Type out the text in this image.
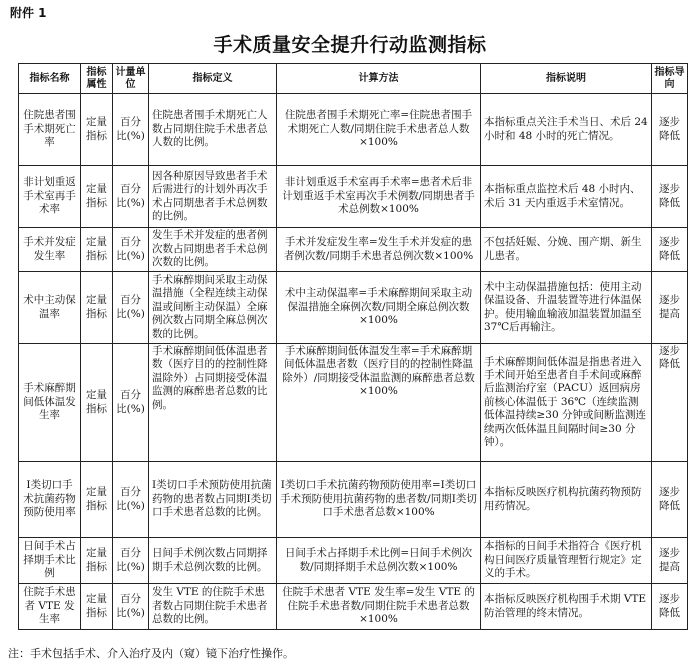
附件 1
手术质量安全提升行动监测指标
指标名称	指标属性	计量单位	指标定义	计算方法	指标说明	指标导向
住院患者围手术期死亡率	定量指标	百分比(%)	住院患者围手术期死亡人数占同期住院手术患者总人数的比例。	住院患者围手术期死亡率=住院患者围手术期死亡人数/同期住院手术患者总人数×100%	本指标重点关注手术当日、术后 24 小时和 48 小时的死亡情况。	逐步降低
非计划重返手术室再手术率	定量指标	百分比(%)	因各种原因导致患者手术后需进行的计划外再次手术占同期患者手术总例数的比例。	非计划重返手术室再手术率=患者术后非计划重返手术室再次手术例数/同期患者手术总例数×100%	本指标重点监控术后 48 小时内、术后 31 天内重返手术室情况。	逐步降低
手术并发症发生率	定量指标	百分比(%)	发生手术并发症的患者例次数占同期患者手术总例次数的比例。	手术并发症发生率=发生手术并发症的患者例次数/同期手术患者总例次数×100%	不包括妊娠、分娩、围产期、新生儿患者。	逐步降低
术中主动保温率	定量指标	百分比(%)	手术麻醉期间采取主动保温措施（全程连续主动保温或间断主动保温）全麻例次数占同期全麻总例次数的比例。	术中主动保温率=手术麻醉期间采取主动保温措施全麻例次数/同期全麻总例次数×100%	术中主动保温措施包括：使用主动保温设备、升温装置等进行体温保护。使用输血输液加温装置加温至 37℃后再输注。	逐步提高
手术麻醉期间低体温发生率	定量指标	百分比(%)	手术麻醉期间低体温患者数（医疗目的的控制性降温除外）占同期接受体温监测的麻醉患者总数的比例。	手术麻醉期间低体温发生率=手术麻醉期间低体温患者数（医疗目的的控制性降温除外）/同期接受体温监测的麻醉患者总数×100%	手术麻醉期间低体温是指患者进入手术间开始至患者自手术间或麻醉后监测治疗室（PACU）返回病房前核心体温低于 36℃（连续监测低体温持续≥30 分钟或间断监测连续两次低体温且间隔时间≥30 分钟）。	逐步降低
Ⅰ类切口手术抗菌药物预防使用率	定量指标	百分比(%)	Ⅰ类切口手术预防使用抗菌药物的患者数占同期Ⅰ类切口手术患者总数的比例。	Ⅰ类切口手术抗菌药物预防使用率=Ⅰ类切口手术预防使用抗菌药物的患者数/同期Ⅰ类切口手术患者总数×100%	本指标反映医疗机构抗菌药物预防用药情况。	逐步降低
日间手术占择期手术比例	定量指标	百分比(%)	日间手术例次数占同期择期手术总例次数的比例。	日间手术占择期手术比例=日间手术例次数/同期择期手术总例次数×100%	本指标的日间手术指符合《医疗机构日间医疗质量管理暂行规定》定义的手术。	逐步提高
住院手术患者 VTE 发生率	定量指标	百分比(%)	发生 VTE 的住院手术患者数占同期住院手术患者总数的比例。	住院手术患者 VTE 发生率=发生 VTE 的住院手术患者数/同期住院手术患者总数×100%	本指标反映医疗机构围手术期 VTE 防治管理的终末情况。	逐步降低
注：手术包括手术、介入治疗及内（窥）镜下治疗性操作。
